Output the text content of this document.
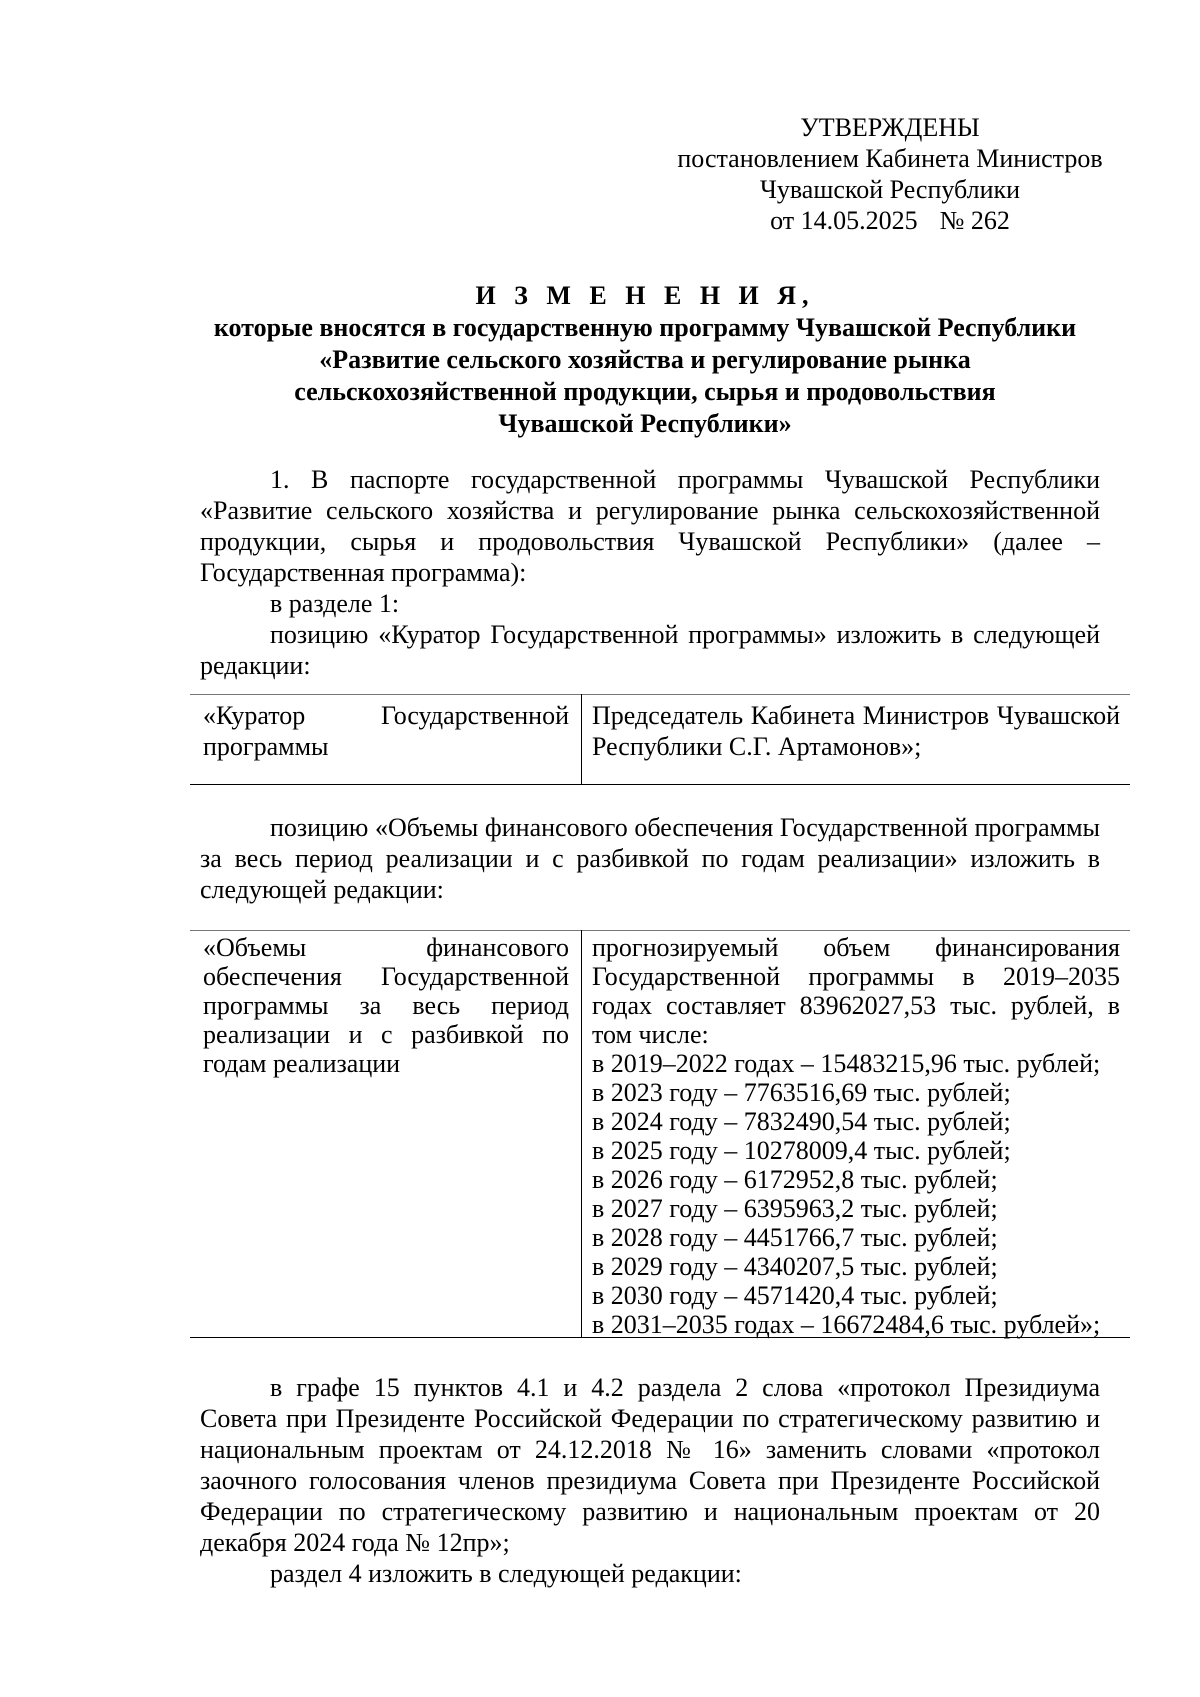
УТВЕРЖДЕНЫ
постановлением Кабинета Министров
Чувашской Республики
от 14.05.2025 № 262
И З М Е Н Е Н И Я,
которые вносятся в государственную программу Чувашской Республики
«Развитие сельского хозяйства и регулирование рынка
сельскохозяйственной продукции, сырья и продовольствия
Чувашской Республики»
1. В паспорте государственной программы Чувашской Республики «Развитие сельского хозяйства и регулирование рынка сельскохозяйственной продукции, сырья и продовольствия Чувашской Республики» (далее – Государственная программа):
в разделе 1:
позицию «Куратор Государственной программы» изложить в следующей редакции:
«Куратор Государственной программы
Председатель Кабинета Министров Чувашской Республики С.Г. Артамонов»;
позицию «Объемы финансового обеспечения Государственной программы за весь период реализации и с разбивкой по годам реализации» изложить в следующей редакции:
«Объемы финансового обеспечения Государственной программы за весь период реализации и с разбивкой по годам реализации
прогнозируемый объем финансирования Государственной программы в 2019–2035 годах составляет 83962027,53 тыс. рублей, в том числе:
в 2019–2022 годах – 15483215,96 тыс. рублей;
в 2023 году – 7763516,69 тыс. рублей;
в 2024 году – 7832490,54 тыс. рублей;
в 2025 году – 10278009,4 тыс. рублей;
в 2026 году – 6172952,8 тыс. рублей;
в 2027 году – 6395963,2 тыс. рублей;
в 2028 году – 4451766,7 тыс. рублей;
в 2029 году – 4340207,5 тыс. рублей;
в 2030 году – 4571420,4 тыс. рублей;
в 2031–2035 годах – 16672484,6 тыс. рублей»;
в графе 15 пунктов 4.1 и 4.2 раздела 2 слова «протокол Президиума Совета при Президенте Российской Федерации по стратегическому развитию и национальным проектам от 24.12.2018 № 16» заменить словами «протокол заочного голосования членов президиума Совета при Президенте Российской Федерации по стратегическому развитию и национальным проектам от 20 декабря 2024 года № 12пр»;
раздел 4 изложить в следующей редакции:
